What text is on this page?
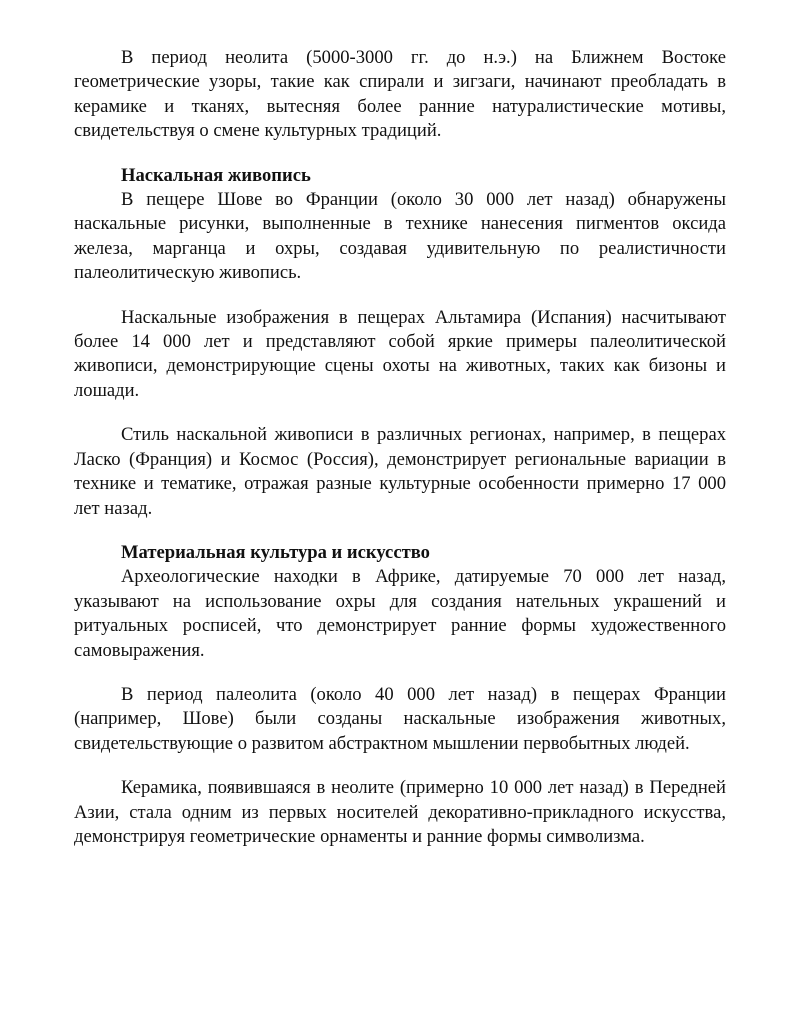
В период неолита (5000-3000 гг. до н.э.) на Ближнем Востоке геометрические узоры, такие как спирали и зигзаги, начинают преобладать в керамике и тканях, вытесняя более ранние натуралистические мотивы, свидетельствуя о смене культурных традиций.

Наскальная живопись

В пещере Шове во Франции (около 30 000 лет назад) обнаружены наскальные рисунки, выполненные в технике нанесения пигментов оксида железа, марганца и охры, создавая удивительную по реалистичности палеолитическую живопись.

Наскальные изображения в пещерах Альтамира (Испания) насчитывают более 14 000 лет и представляют собой яркие примеры палеолитической живописи, демонстрирующие сцены охоты на животных, таких как бизоны и лошади.

Стиль наскальной живописи в различных регионах, например, в пещерах Ласко (Франция) и Космос (Россия), демонстрирует региональные вариации в технике и тематике, отражая разные культурные особенности примерно 17 000 лет назад.

Материальная культура и искусство

Археологические находки в Африке, датируемые 70 000 лет назад, указывают на использование охры для создания нательных украшений и ритуальных росписей, что демонстрирует ранние формы художественного самовыражения.

В период палеолита (около 40 000 лет назад) в пещерах Франции (например, Шове) были созданы наскальные изображения животных, свидетельствующие о развитом абстрактном мышлении первобытных людей.

Керамика, появившаяся в неолите (примерно 10 000 лет назад) в Передней Азии, стала одним из первых носителей декоративно-прикладного искусства, демонстрируя геометрические орнаменты и ранние формы символизма.
